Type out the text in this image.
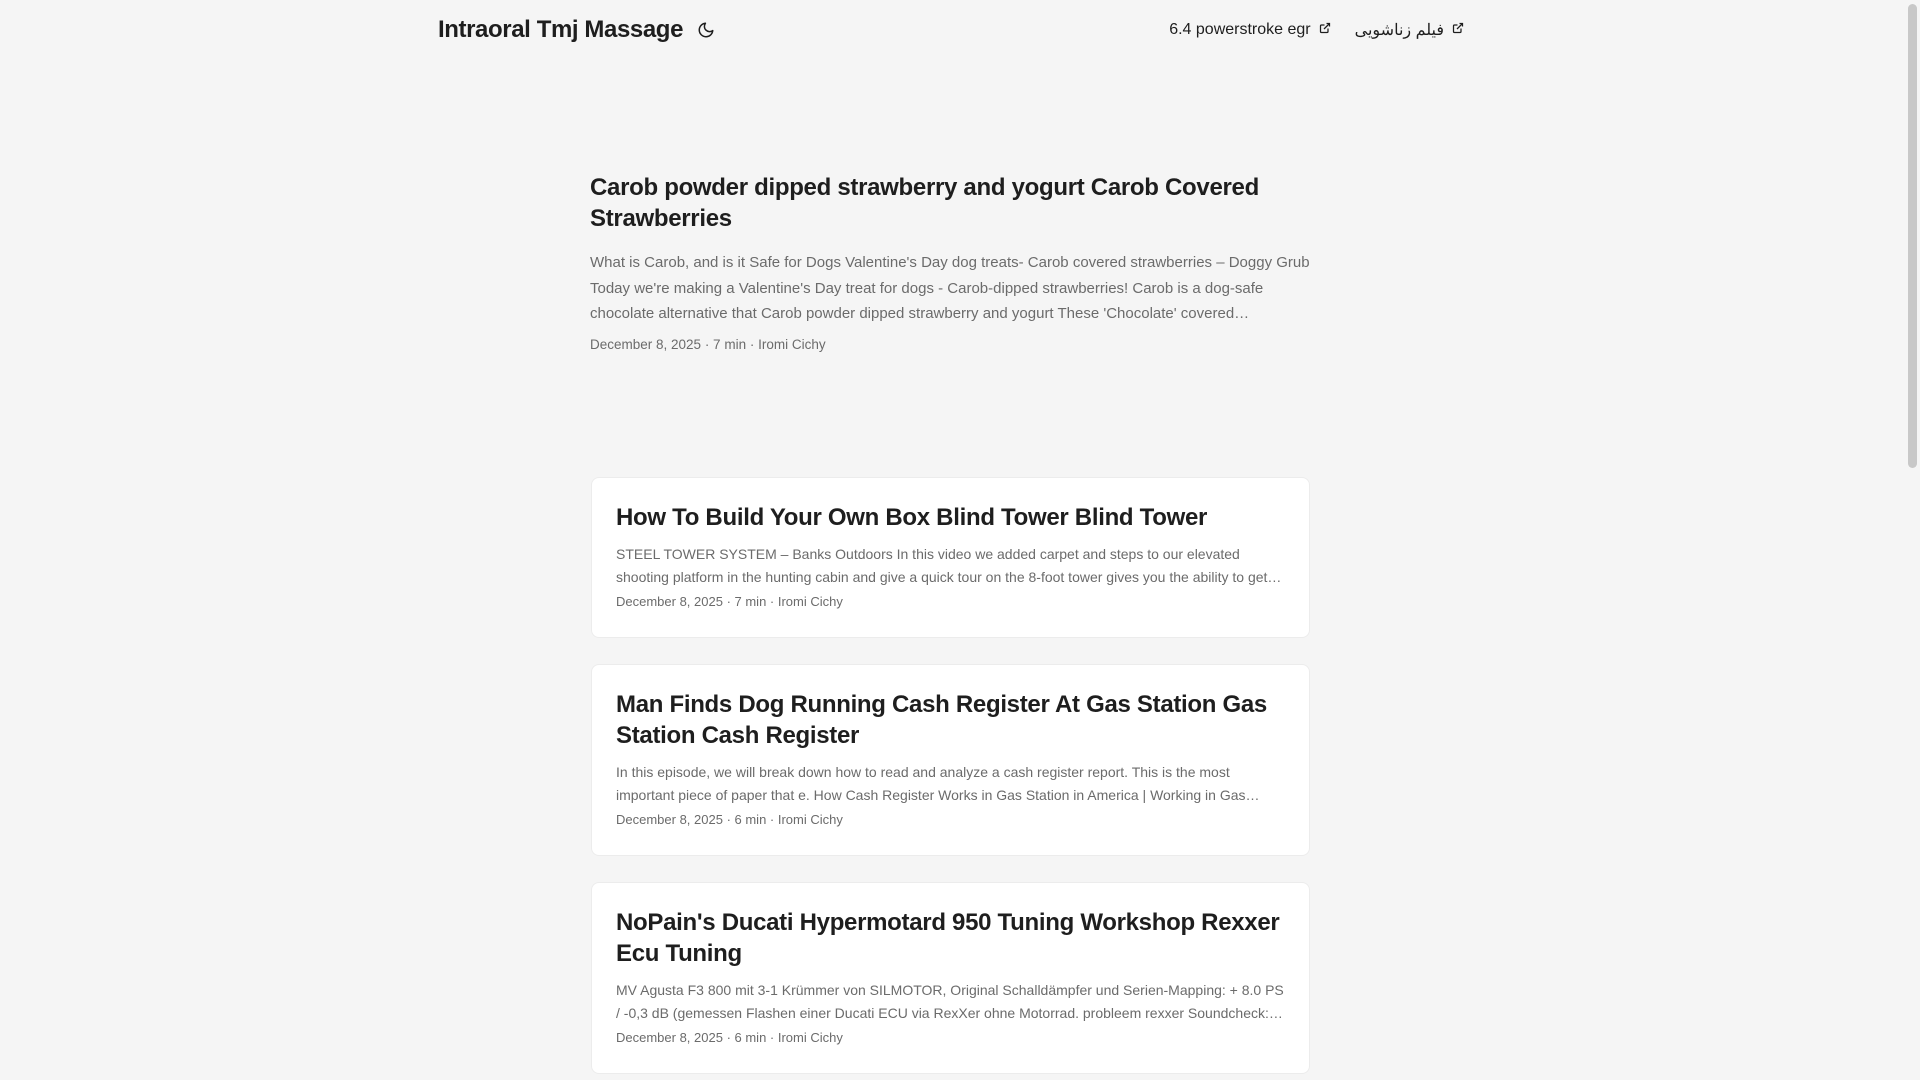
Intraoral Tmj Massage	6.4 powerstroke egr	فیلم زناشویی
Carob powder dipped strawberry and yogurt Carob Covered Strawberries
What is Carob, and is it Safe for Dogs Valentine's Day dog treats- Carob covered strawberries – Doggy Grub Today we're making a Valentine's Day treat for dogs - Carob-dipped strawberries! Carob is a dog-safe chocolate alternative that Carob powder dipped strawberry and yogurt These 'Chocolate' covered
December 8, 2025 · 7 min · Iromi Cichy
How To Build Your Own Box Blind Tower Blind Tower
STEEL TOWER SYSTEM – Banks Outdoors In this video we added carpet and steps to our elevated shooting platform in the hunting cabin and give a quick tour on the 8-foot tower gives you the ability to get
December 8, 2025 · 7 min · Iromi Cichy
Man Finds Dog Running Cash Register At Gas Station Gas Station Cash Register
In this episode, we will break down how to read and analyze a cash register report. This is the most important piece of paper that e. How Cash Register Works in Gas Station in America | Working in Gas
December 8, 2025 · 6 min · Iromi Cichy
NoPain's Ducati Hypermotard 950 Tuning Workshop Rexxer Ecu Tuning
MV Agusta F3 800 mit 3-1 Krümmer von SILMOTOR, Original Schalldämpfer und Serien-Mapping: + 8.0 PS / -0,3 dB (gemessen Flashen einer Ducati ECU via RexXer ohne Motorrad. probleem rexxer Soundcheck:
December 8, 2025 · 6 min · Iromi Cichy
